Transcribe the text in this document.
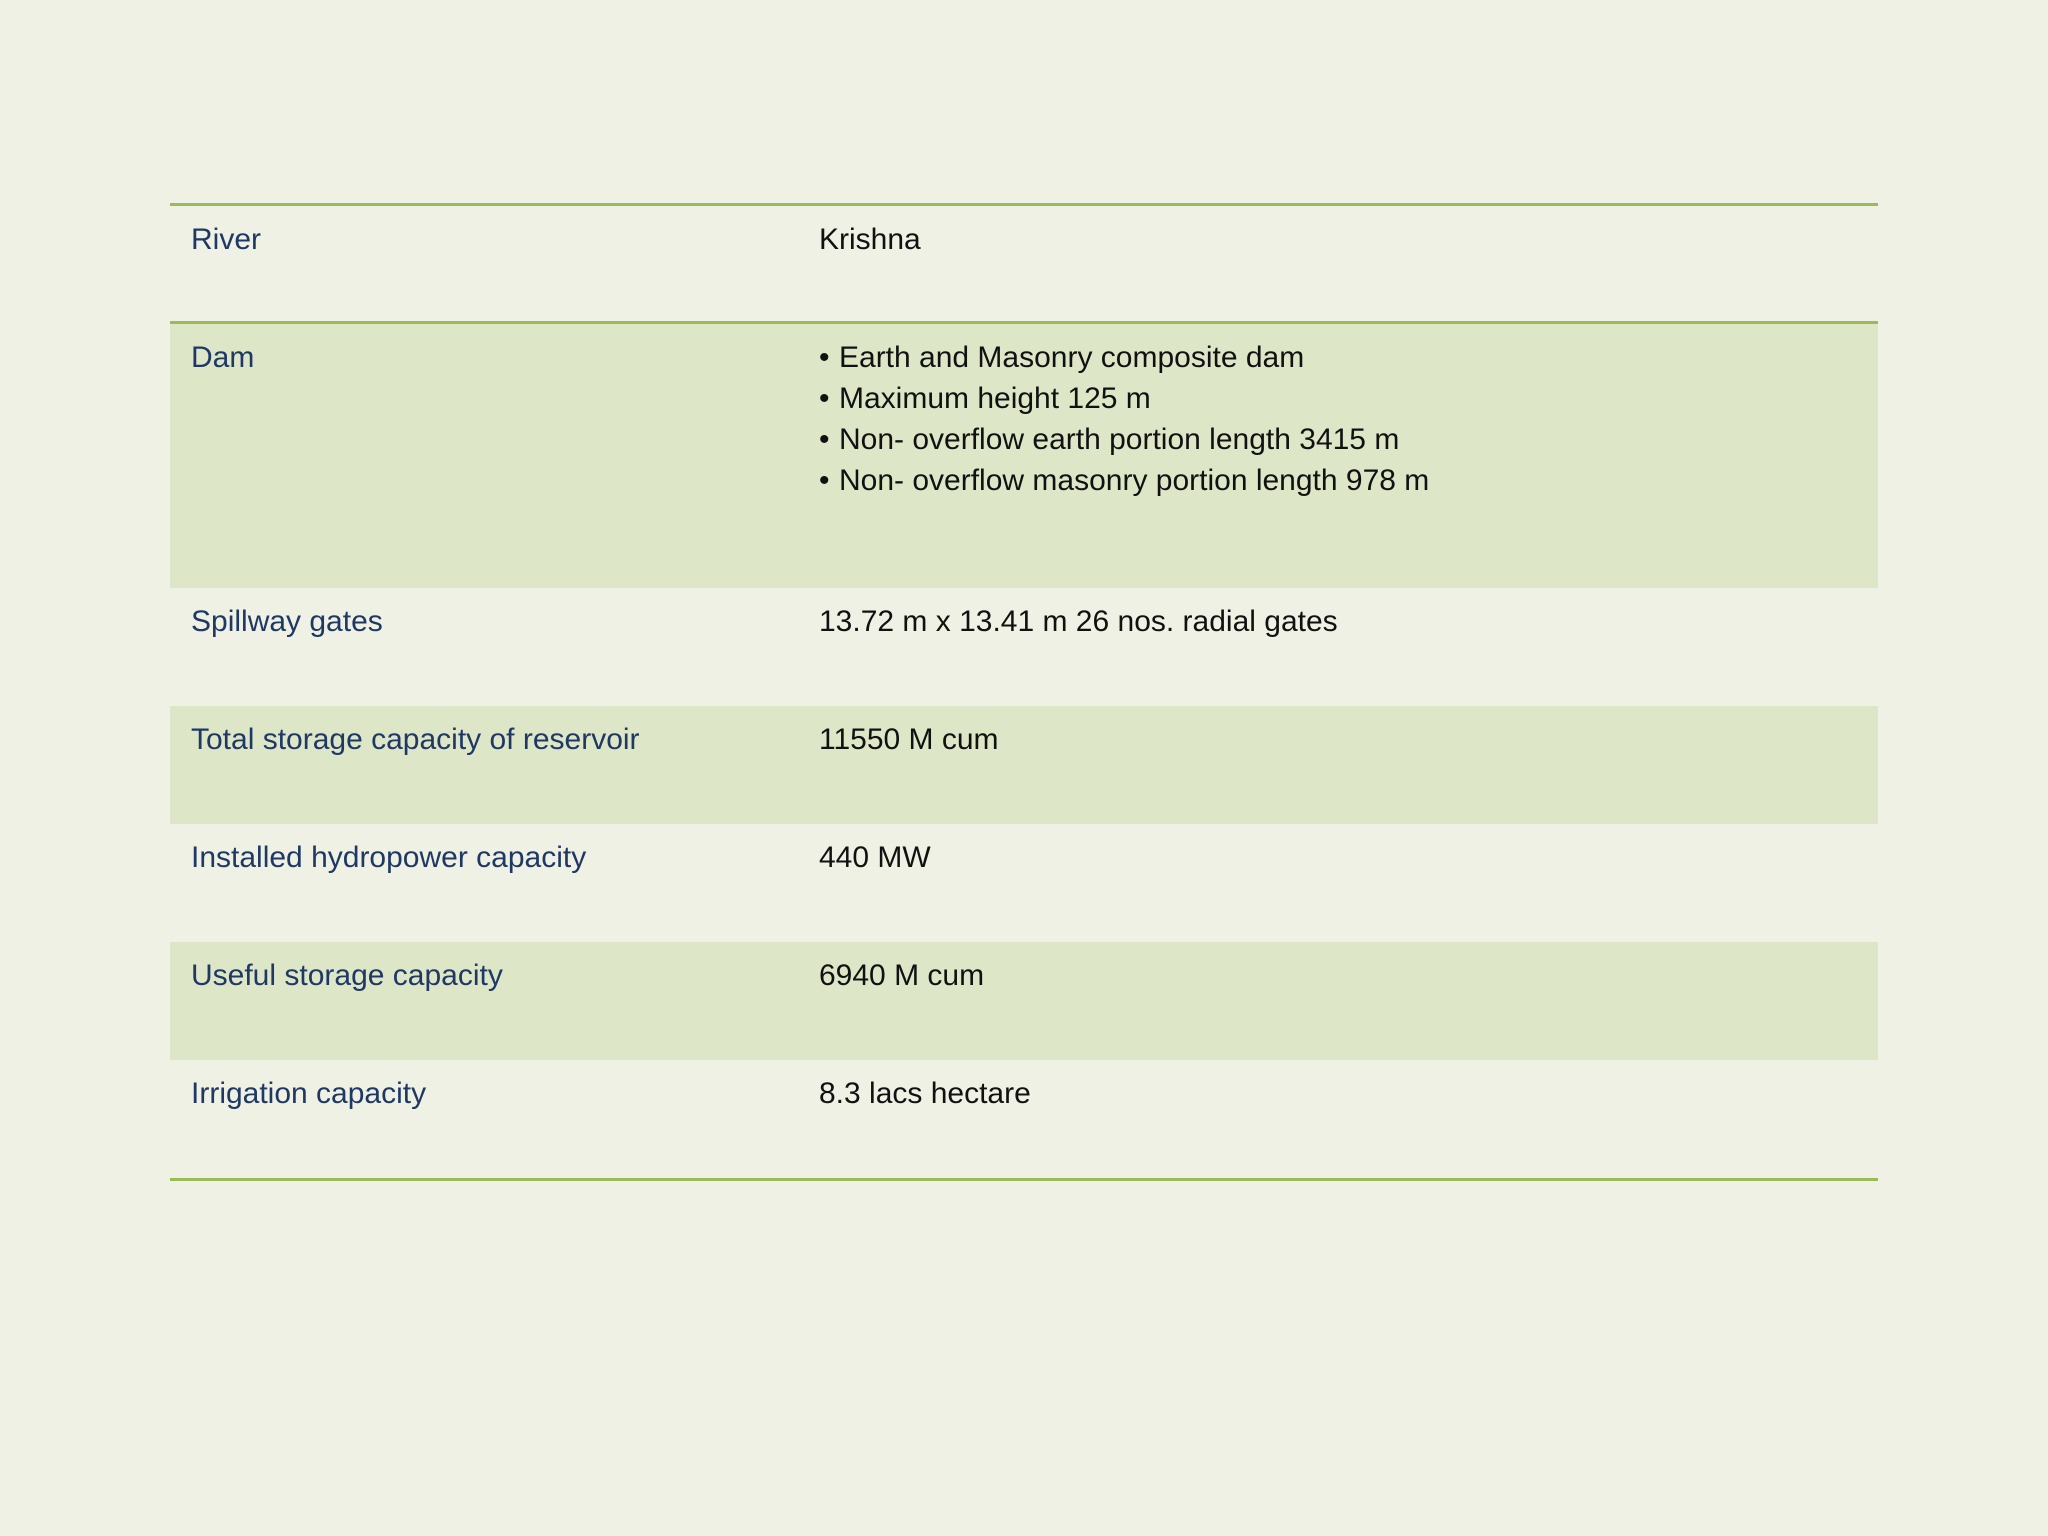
River	Krishna
Dam	• Earth and Masonry composite dam
• Maximum height 125 m
• Non- overflow earth portion length 3415 m
• Non- overflow masonry portion length 978 m
Spillway gates	13.72 m x 13.41 m 26 nos. radial gates
Total storage capacity of reservoir	11550 M cum
Installed hydropower capacity	440 MW
Useful storage capacity	6940 M cum
Irrigation capacity	8.3 lacs hectare
